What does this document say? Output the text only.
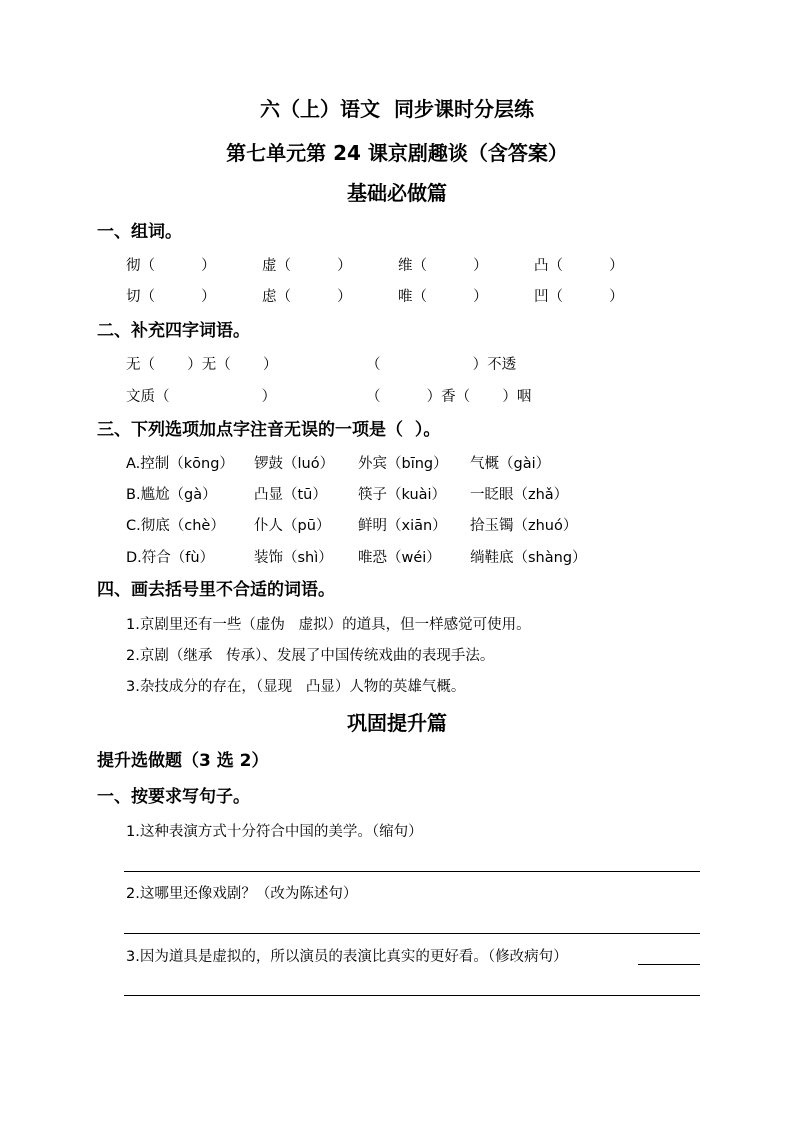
六（上）语文  同步课时分层练
第七单元第 24 课京剧趣谈（含答案）
基础必做篇
一、组词。
彻（          ）	虚（          ）	维（          ）	凸（          ）
切（          ）	虑（          ）	唯（          ）	凹（          ）
二、补充四字词语。
无（       ）无（       ）	（                    ）不透
文质（                    ）	（          ）香（       ）咽
三、下列选项加点字注音无误的一项是（  ）。
A.控制（kōng） 锣鼓（luó） 外宾（bīng） 气概（gài）
B.尴尬（gà）	凸显（tū） 筷子（kuài） 一眨眼（zhǎ）
C.彻底（chè） 仆人（pū） 鲜明（xiān） 拾玉镯（zhuó）
D.符合（fù）	装饰（shì） 唯恐（wéi） 绱鞋底（shàng）
四、画去括号里不合适的词语。
1.京剧里还有一些（虚伪   虚拟）的道具，但一样感觉可使用。
2.京剧（继承   传承）、发展了中国传统戏曲的表现手法。
3.杂技成分的存在，（显现   凸显）人物的英雄气概。
巩固提升篇
提升选做题（3 选 2）
一、按要求写句子。
1.这种表演方式十分符合中国的美学。（缩句）
2.这哪里还像戏剧？（改为陈述句）
3.因为道具是虚拟的，所以演员的表演比真实的更好看。（修改病句）
